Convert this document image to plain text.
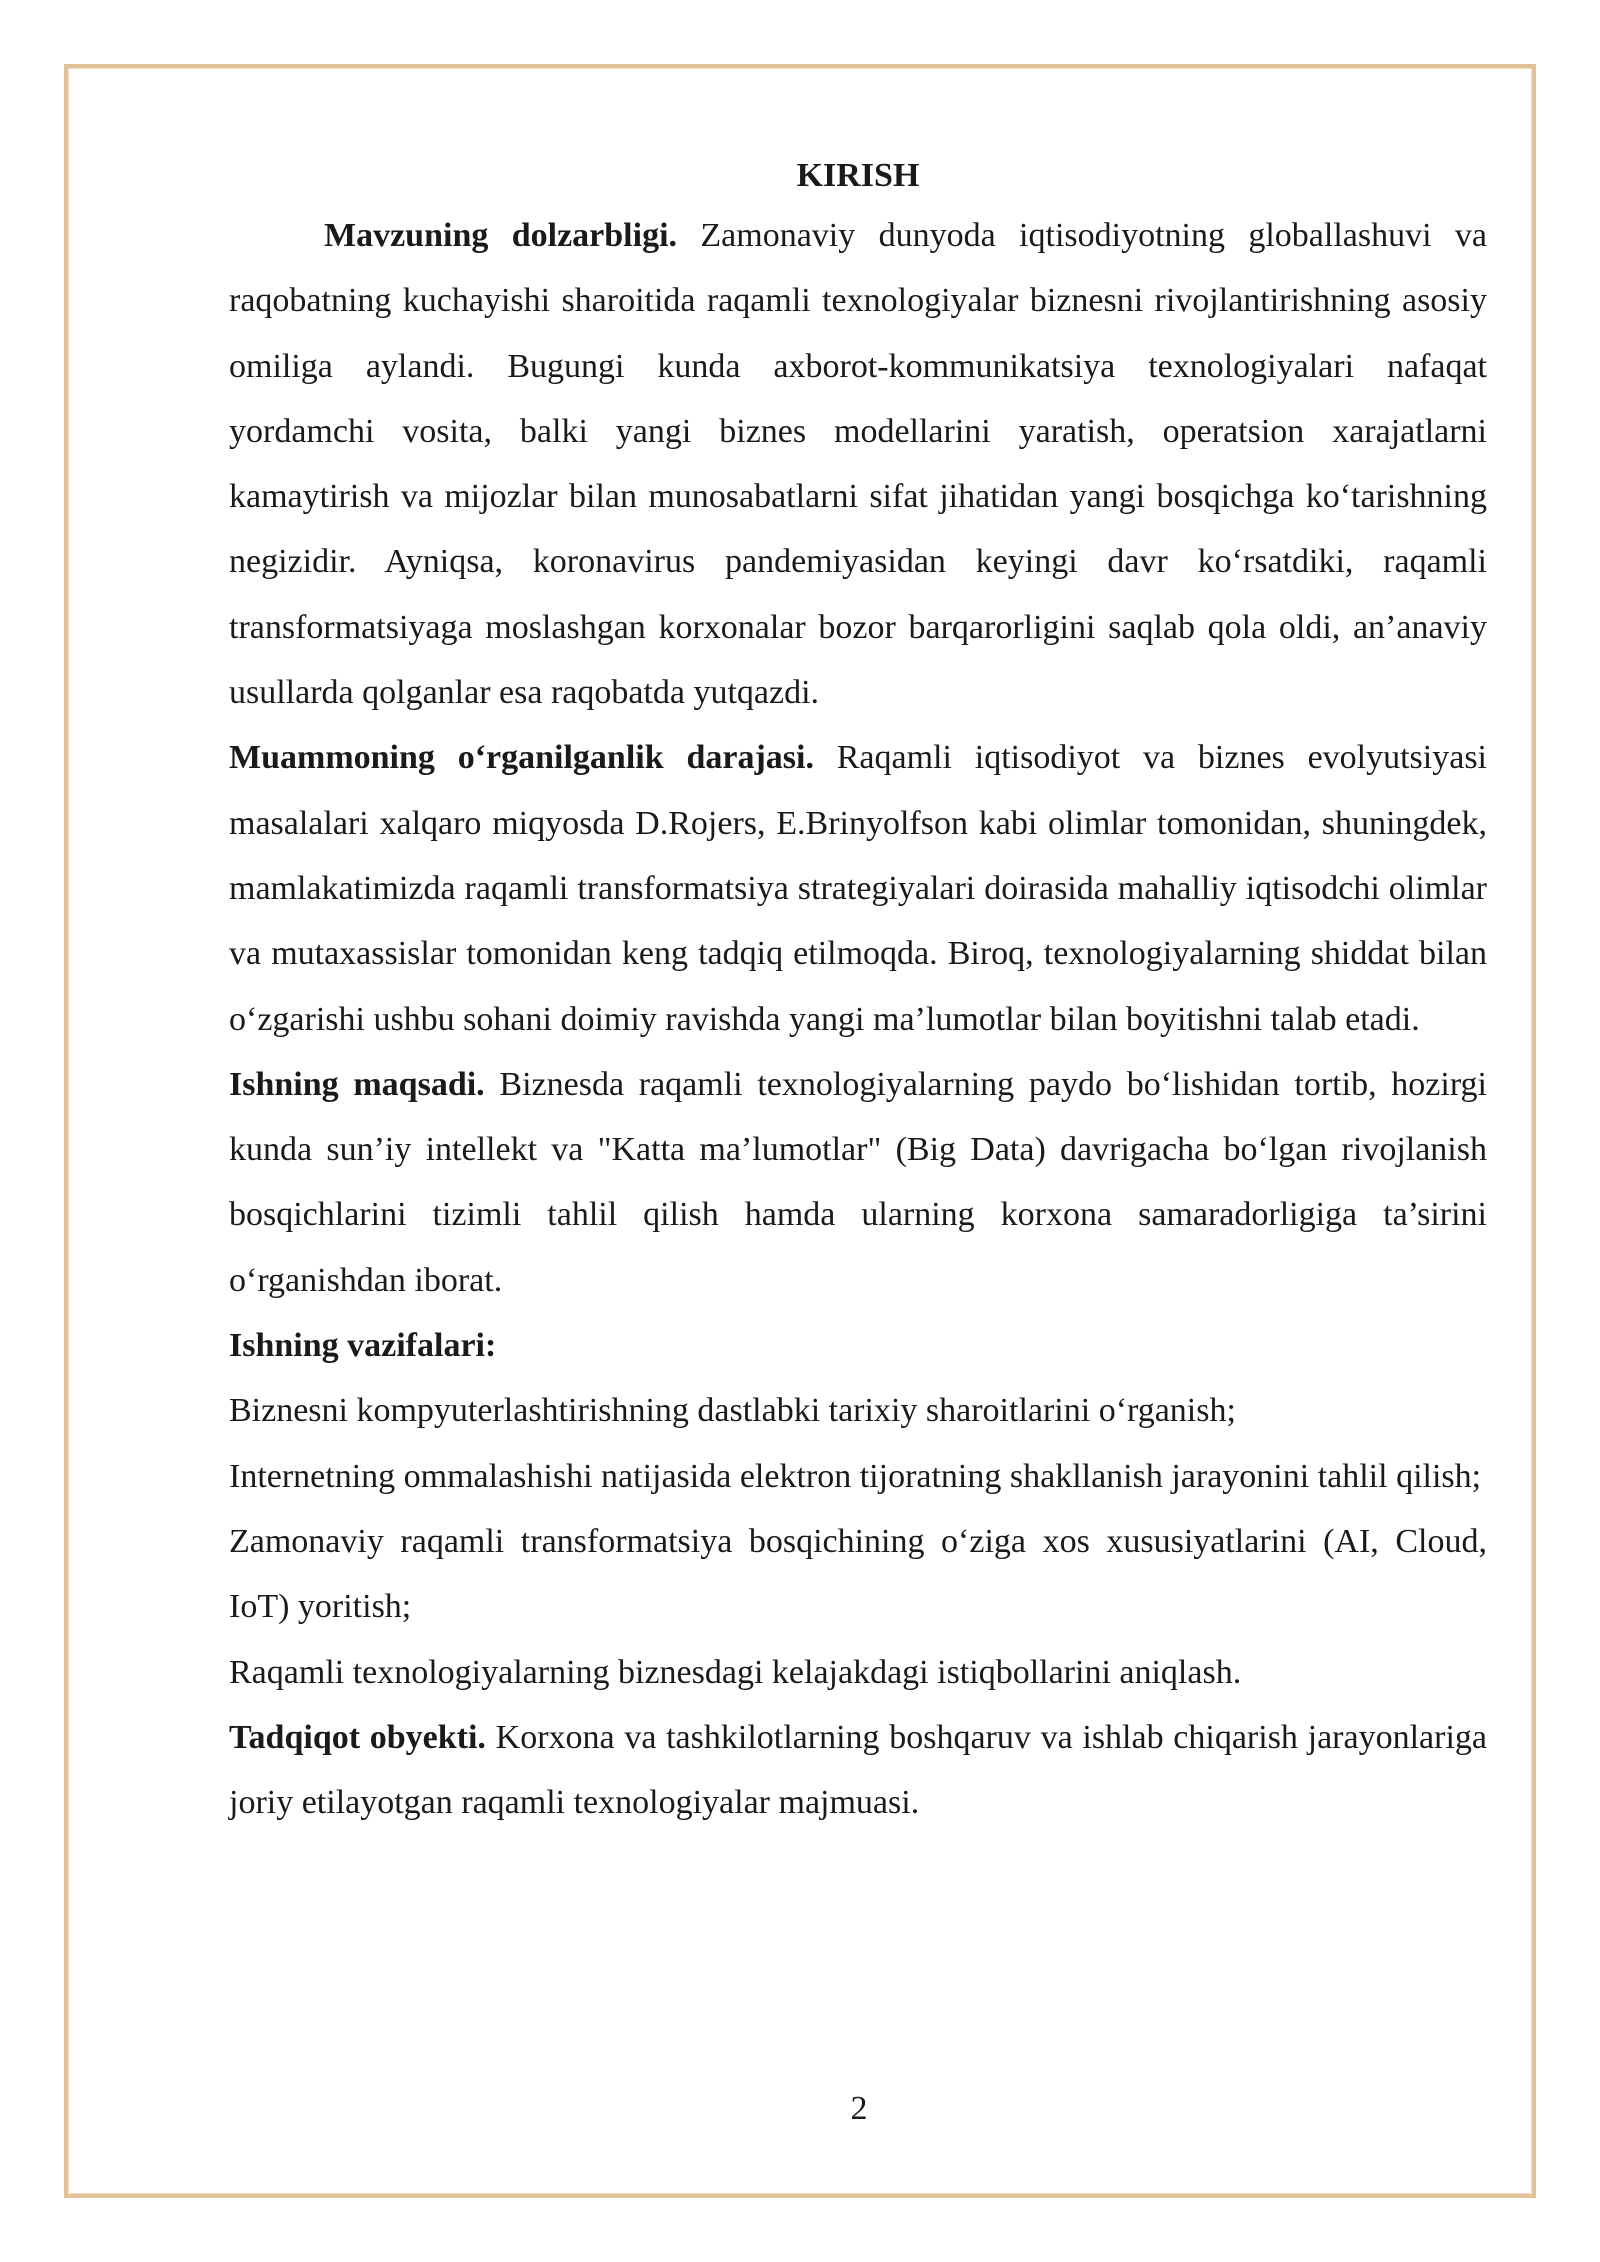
KIRISH

Mavzuning dolzarbligi. Zamonaviy dunyoda iqtisodiyotning globallashuvi va raqobatning kuchayishi sharoitida raqamli texnologiyalar biznesni rivojlantirishning asosiy omiliga aylandi. Bugungi kunda axborot-kommunikatsiya texnologiyalari nafaqat yordamchi vosita, balki yangi biznes modellarini yaratish, operatsion xarajatlarni kamaytirish va mijozlar bilan munosabatlarni sifat jihatidan yangi bosqichga ko‘tarishning negizidir. Ayniqsa, koronavirus pandemiyasidan keyingi davr ko‘rsatdiki, raqamli transformatsiyaga moslashgan korxonalar bozor barqarorligini saqlab qola oldi, an’anaviy usullarda qolganlar esa raqobatda yutqazdi.

Muammoning o‘rganilganlik darajasi. Raqamli iqtisodiyot va biznes evolyutsiyasi masalalari xalqaro miqyosda D.Rojers, E.Brinyolfson kabi olimlar tomonidan, shuningdek, mamlakatimizda raqamli transformatsiya strategiyalari doirasida mahalliy iqtisodchi olimlar va mutaxassislar tomonidan keng tadqiq etilmoqda. Biroq, texnologiyalarning shiddat bilan o‘zgarishi ushbu sohani doimiy ravishda yangi ma’lumotlar bilan boyitishni talab etadi.

Ishning maqsadi. Biznesda raqamli texnologiyalarning paydo bo‘lishidan tortib, hozirgi kunda sun’iy intellekt va "Katta ma’lumotlar" (Big Data) davrigacha bo‘lgan rivojlanish bosqichlarini tizimli tahlil qilish hamda ularning korxona samaradorligiga ta’sirini o‘rganishdan iborat.

Ishning vazifalari:

Biznesni kompyuterlashtirishning dastlabki tarixiy sharoitlarini o‘rganish;

Internetning ommalashishi natijasida elektron tijoratning shakllanish jarayonini tahlil qilish;

Zamonaviy raqamli transformatsiya bosqichining o‘ziga xos xususiyatlarini (AI, Cloud, IoT) yoritish;

Raqamli texnologiyalarning biznesdagi kelajakdagi istiqbollarini aniqlash.

Tadqiqot obyekti. Korxona va tashkilotlarning boshqaruv va ishlab chiqarish jarayonlariga joriy etilayotgan raqamli texnologiyalar majmuasi.

2
